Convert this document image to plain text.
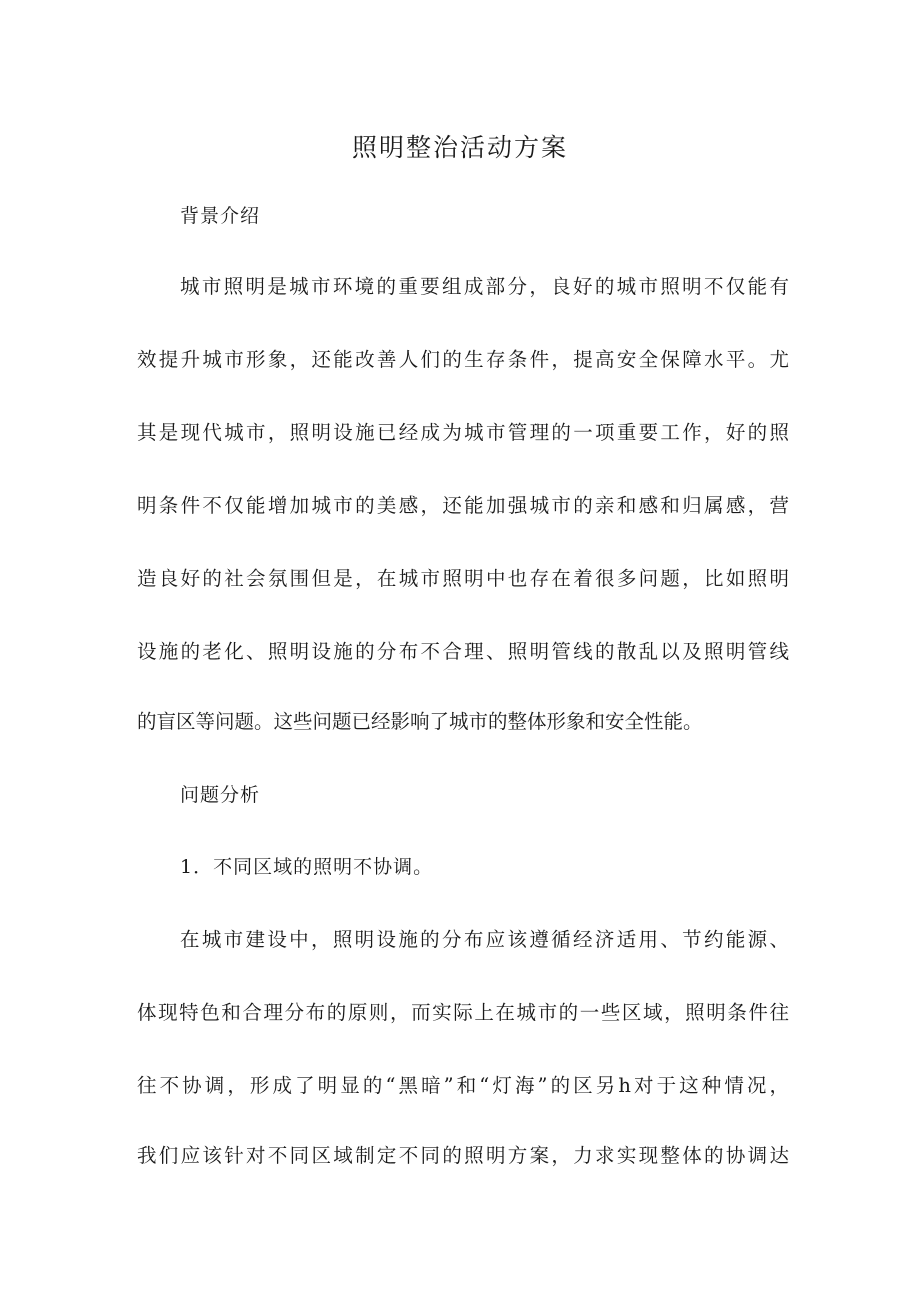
照明整治活动方案
背景介绍
城市照明是城市环境的重要组成部分，良好的城市照明不仅能有
效提升城市形象，还能改善人们的生存条件，提高安全保障水平。尤
其是现代城市，照明设施已经成为城市管理的一项重要工作，好的照
明条件不仅能增加城市的美感，还能加强城市的亲和感和归属感，营
造良好的社会氛围但是，在城市照明中也存在着很多问题，比如照明
设施的老化、照明设施的分布不合理、照明管线的散乱以及照明管线
的盲区等问题。这些问题已经影响了城市的整体形象和安全性能。
问题分析
1．不同区域的照明不协调。
在城市建设中，照明设施的分布应该遵循经济适用、节约能源、
体现特色和合理分布的原则，而实际上在城市的一些区域，照明条件往
往不协调，形成了明显的“黑暗”和“灯海”的区另h对于这种情况，
我们应该针对不同区域制定不同的照明方案，力求实现整体的协调达
